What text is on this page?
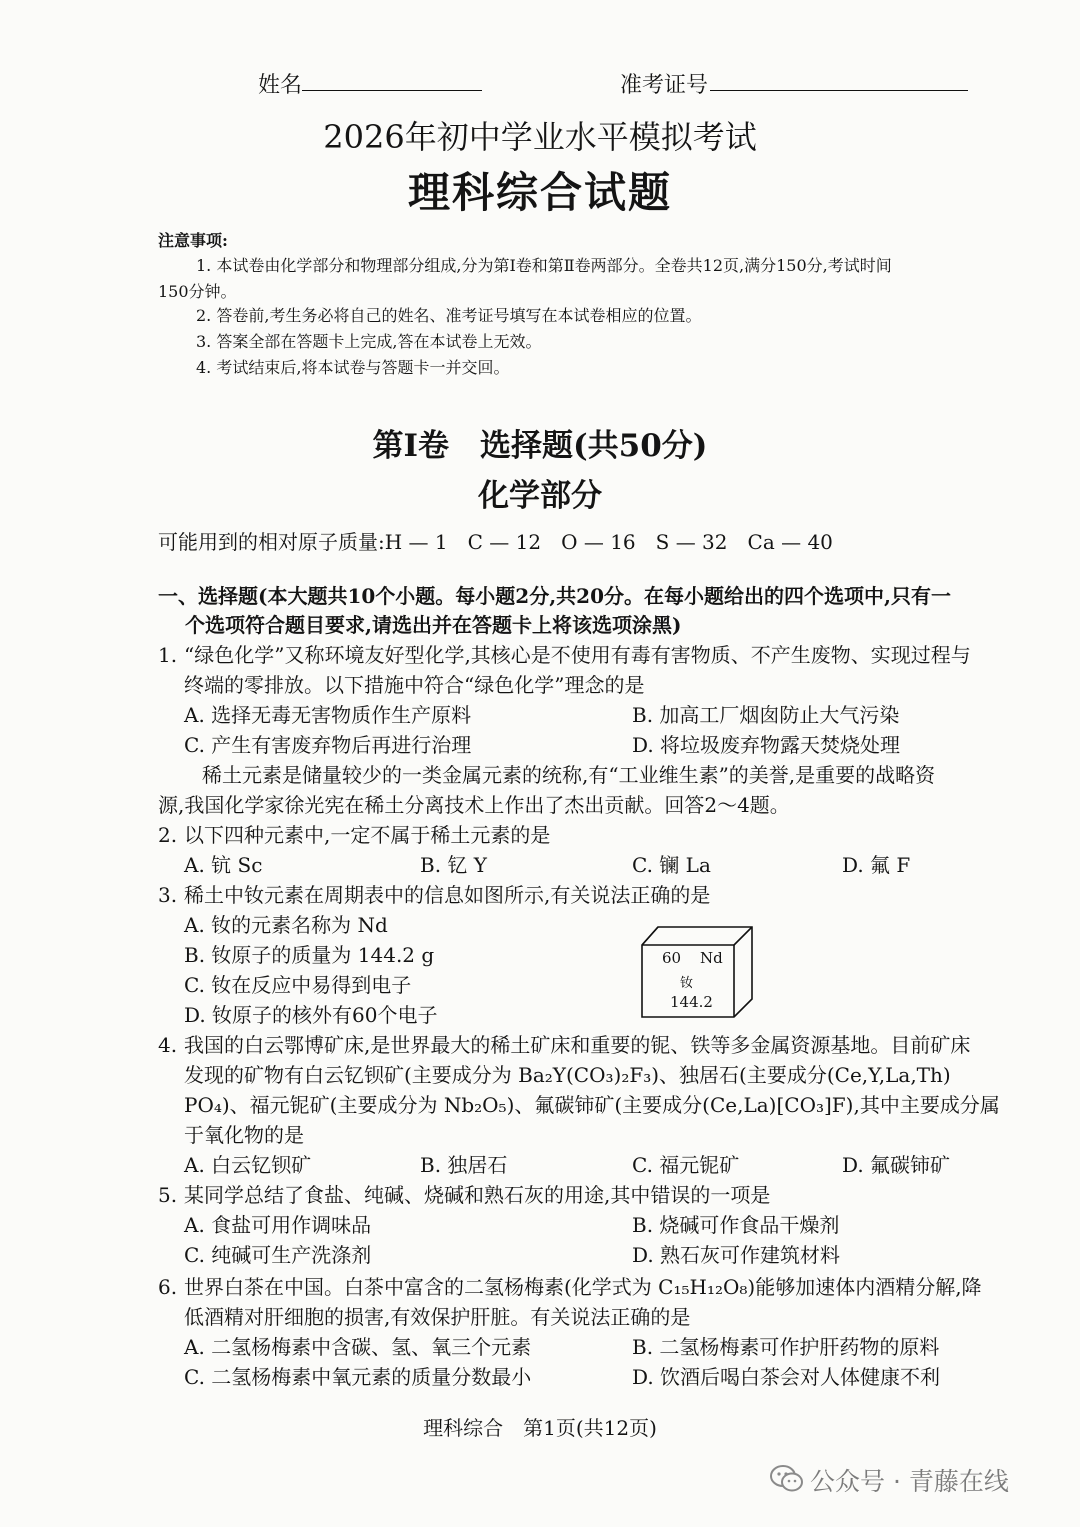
姓名	准考证号
2026年初中学业水平模拟考试
理科综合试题
注意事项:
1. 本试卷由化学部分和物理部分组成,分为第Ⅰ卷和第Ⅱ卷两部分。全卷共12页,满分150分,考试时间
150分钟。
2. 答卷前,考生务必将自己的姓名、准考证号填写在本试卷相应的位置。
3. 答案全部在答题卡上完成,答在本试卷上无效。
4. 考试结束后,将本试卷与答题卡一并交回。
第Ⅰ卷　选择题(共50分)
化学部分
可能用到的相对原子质量:H — 1　C — 12　O — 16　S — 32　Ca — 40
一、选择题(本大题共10个小题。每小题2分,共20分。在每小题给出的四个选项中,只有一
个选项符合题目要求,请选出并在答题卡上将该选项涂黑)
1. “绿色化学”又称环境友好型化学,其核心是不使用有毒有害物质、不产生废物、实现过程与
终端的零排放。以下措施中符合“绿色化学”理念的是
A. 选择无毒无害物质作生产原料	B. 加高工厂烟囱防止大气污染
C. 产生有害废弃物后再进行治理	D. 将垃圾废弃物露天焚烧处理
稀土元素是储量较少的一类金属元素的统称,有“工业维生素”的美誉,是重要的战略资
源,我国化学家徐光宪在稀土分离技术上作出了杰出贡献。回答2～4题。
2. 以下四种元素中,一定不属于稀土元素的是
A. 钪 Sc	B. 钇 Y	C. 镧 La	D. 氟 F
3. 稀土中钕元素在周期表中的信息如图所示,有关说法正确的是
A. 钕的元素名称为 Nd
B. 钕原子的质量为 144.2 g
C. 钕在反应中易得到电子
D. 钕原子的核外有60个电子
60 Nd
钕
144.2
4. 我国的白云鄂博矿床,是世界最大的稀土矿床和重要的铌、铁等多金属资源基地。目前矿床
发现的矿物有白云钇钡矿(主要成分为 Ba₂Y(CO₃)₂F₃)、独居石(主要成分(Ce,Y,La,Th)
PO₄)、福元铌矿(主要成分为 Nb₂O₅)、氟碳铈矿(主要成分(Ce,La)[CO₃]F),其中主要成分属
于氧化物的是
A. 白云钇钡矿	B. 独居石	C. 福元铌矿	D. 氟碳铈矿
5. 某同学总结了食盐、纯碱、烧碱和熟石灰的用途,其中错误的一项是
A. 食盐可用作调味品	B. 烧碱可作食品干燥剂
C. 纯碱可生产洗涤剂	D. 熟石灰可作建筑材料
6. 世界白茶在中国。白茶中富含的二氢杨梅素(化学式为 C₁₅H₁₂O₈)能够加速体内酒精分解,降
低酒精对肝细胞的损害,有效保护肝脏。有关说法正确的是
A. 二氢杨梅素中含碳、氢、氧三个元素	B. 二氢杨梅素可作护肝药物的原料
C. 二氢杨梅素中氧元素的质量分数最小	D. 饮酒后喝白茶会对人体健康不利
理科综合　第1页(共12页)
公众号 · 青藤在线
